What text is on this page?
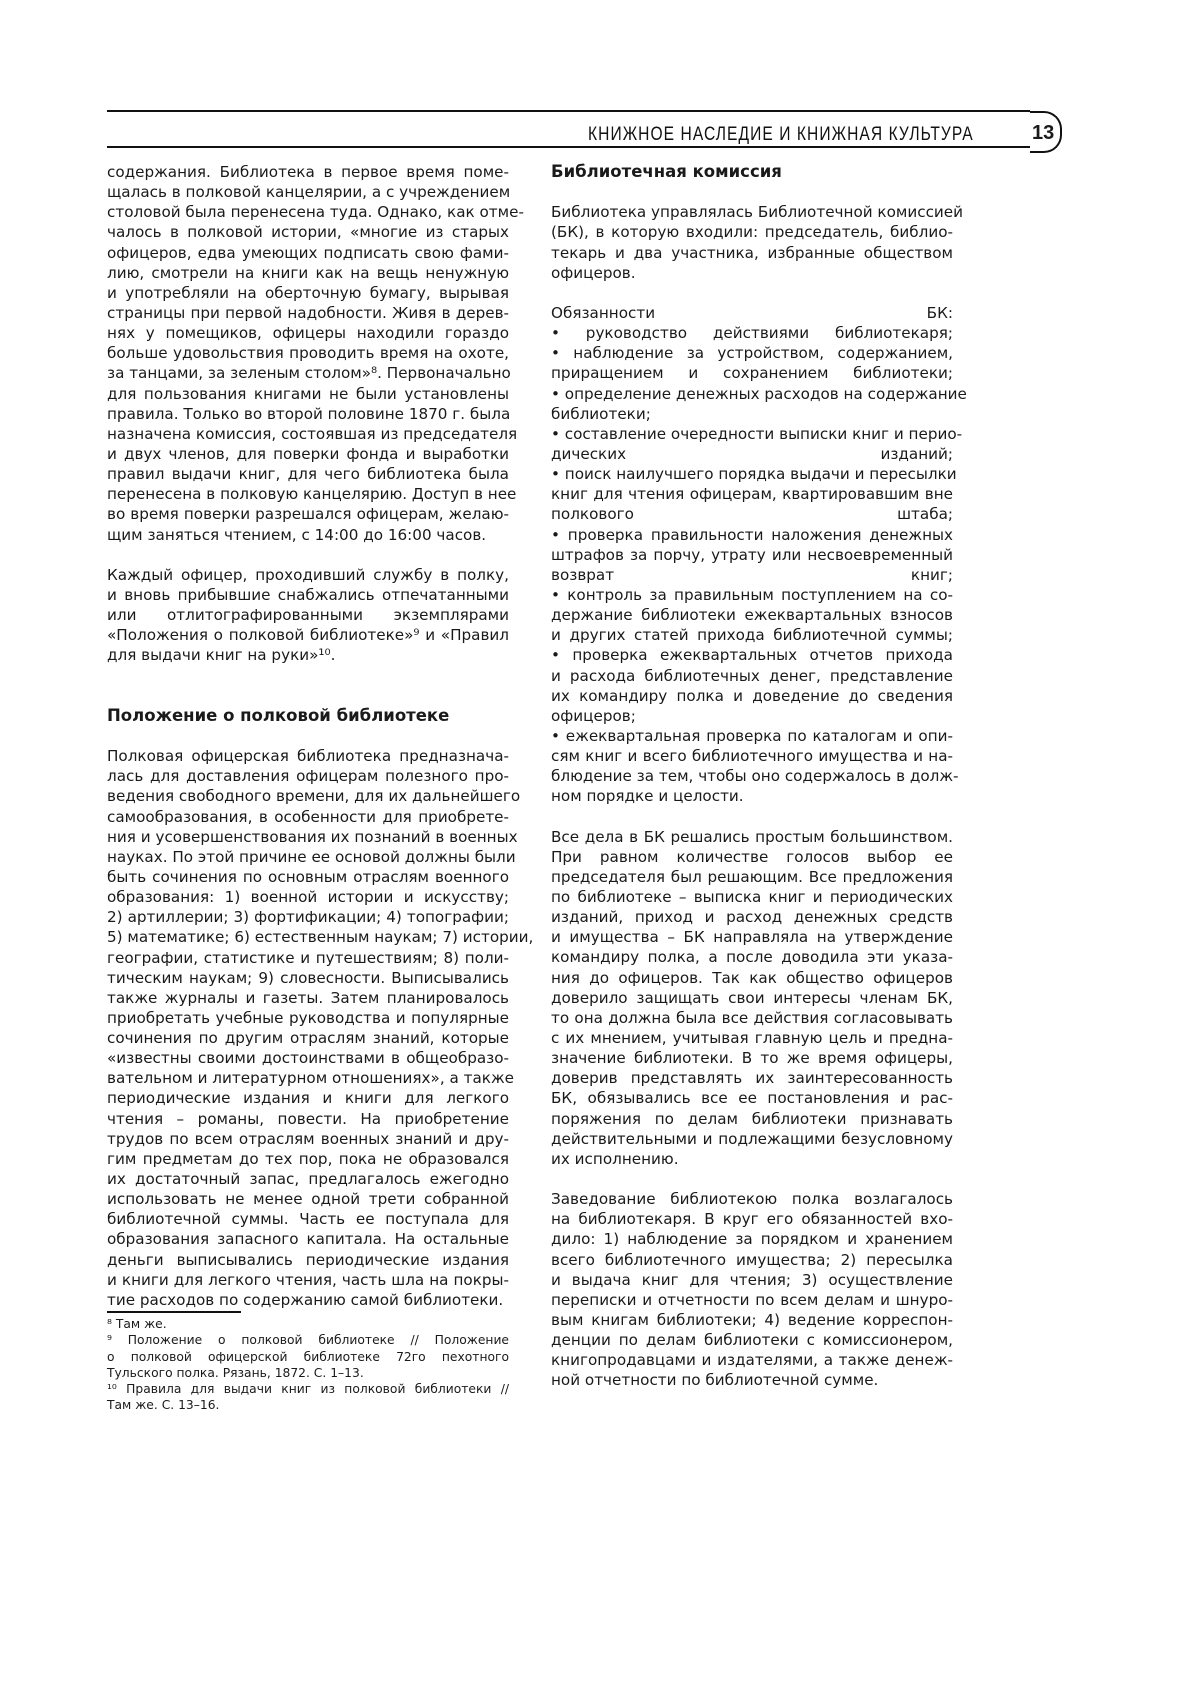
КНИЖНОЕ НАСЛЕДИЕ И КНИЖНАЯ КУЛЬТУРА	13
содержания. Библиотека в первое время поме-
щалась в полковой канцелярии, а с учреждением
столовой была перенесена туда. Однако, как отме-
чалось в полковой истории, «многие из старых
офицеров, едва умеющих подписать свою фами-
лию, смотрели на книги как на вещь ненужную
и употребляли на оберточную бумагу, вырывая
страницы при первой надобности. Живя в дерев-
нях у помещиков, офицеры находили гораздо
больше удовольствия проводить время на охоте,
за танцами, за зеленым столом»⁸. Первоначально
для пользования книгами не были установлены
правила. Только во второй половине 1870 г. была
назначена комиссия, состоявшая из председателя
и двух членов, для поверки фонда и выработки
правил выдачи книг, для чего библиотека была
перенесена в полковую канцелярию. Доступ в нее
во время поверки разрешался офицерам, желаю-
щим заняться чтением, с 14:00 до 16:00 часов.
Каждый офицер, проходивший службу в полку,
и вновь прибывшие снабжались отпечатанными
или отлитографированными экземплярами
«Положения о полковой библиотеке»⁹ и «Правил
для выдачи книг на руки»¹⁰.
Положение о полковой библиотеке
Полковая офицерская библиотека предназнача-
лась для доставления офицерам полезного про-
ведения свободного времени, для их дальнейшего
самообразования, в особенности для приобрете-
ния и усовершенствования их познаний в военных
науках. По этой причине ее основой должны были
быть сочинения по основным отраслям военного
образования: 1) военной истории и искусству;
2) артиллерии; 3) фортификации; 4) топографии;
5) математике; 6) естественным наукам; 7) истории,
географии, статистике и путешествиям; 8) поли-
тическим наукам; 9) словесности. Выписывались
также журналы и газеты. Затем планировалось
приобретать учебные руководства и популярные
сочинения по другим отраслям знаний, которые
«известны своими достоинствами в общеобразо-
вательном и литературном отношениях», а также
периодические издания и книги для легкого
чтения – романы, повести. На приобретение
трудов по всем отраслям военных знаний и дру-
гим предметам до тех пор, пока не образовался
их достаточный запас, предлагалось ежегодно
использовать не менее одной трети собранной
библиотечной суммы. Часть ее поступала для
образования запасного капитала. На остальные
деньги выписывались периодические издания
и книги для легкого чтения, часть шла на покры-
тие расходов по содержанию самой библиотеки.
Библиотечная комиссия
Библиотека управлялась Библиотечной комиссией
(БК), в которую входили: председатель, библио-
текарь и два участника, избранные обществом
офицеров.
Обязанности БК:
• руководство действиями библиотекаря;
• наблюдение за устройством, содержанием,
приращением и сохранением библиотеки;
• определение денежных расходов на содержание
библиотеки;
• составление очередности выписки книг и перио-
дических изданий;
• поиск наилучшего порядка выдачи и пересылки
книг для чтения офицерам, квартировавшим вне
полкового штаба;
• проверка правильности наложения денежных
штрафов за порчу, утрату или несвоевременный
возврат книг;
• контроль за правильным поступлением на со-
держание библиотеки ежеквартальных взносов
и других статей прихода библиотечной суммы;
• проверка ежеквартальных отчетов прихода
и расхода библиотечных денег, представление
их командиру полка и доведение до сведения
офицеров;
• ежеквартальная проверка по каталогам и опи-
сям книг и всего библиотечного имущества и на-
блюдение за тем, чтобы оно содержалось в долж-
ном порядке и целости.
Все дела в БК решались простым большинством.
При равном количестве голосов выбор ее
председателя был решающим. Все предложения
по библиотеке – выписка книг и периодических
изданий, приход и расход денежных средств
и имущества – БК направляла на утверждение
командиру полка, а после доводила эти указа-
ния до офицеров. Так как общество офицеров
доверило защищать свои интересы членам БК,
то она должна была все действия согласовывать
с их мнением, учитывая главную цель и предна-
значение библиотеки. В то же время офицеры,
доверив представлять их заинтересованность
БК, обязывались все ее постановления и рас-
поряжения по делам библиотеки признавать
действительными и подлежащими безусловному
их исполнению.
Заведование библиотекою полка возлагалось
на библиотекаря. В круг его обязанностей вхо-
дило: 1) наблюдение за порядком и хранением
всего библиотечного имущества; 2) пересылка
и выдача книг для чтения; 3) осуществление
переписки и отчетности по всем делам и шнуро-
вым книгам библиотеки; 4) ведение корреспон-
денции по делам библиотеки с комиссионером,
книгопродавцами и издателями, а также денеж-
ной отчетности по библиотечной сумме.
⁸ Там же.
⁹ Положение о полковой библиотеке // Положение
о полковой офицерской библиотеке 72го пехотного
Тульского полка. Рязань, 1872. С. 1–13.
¹⁰ Правила для выдачи книг из полковой библиотеки //
Там же. С. 13–16.
